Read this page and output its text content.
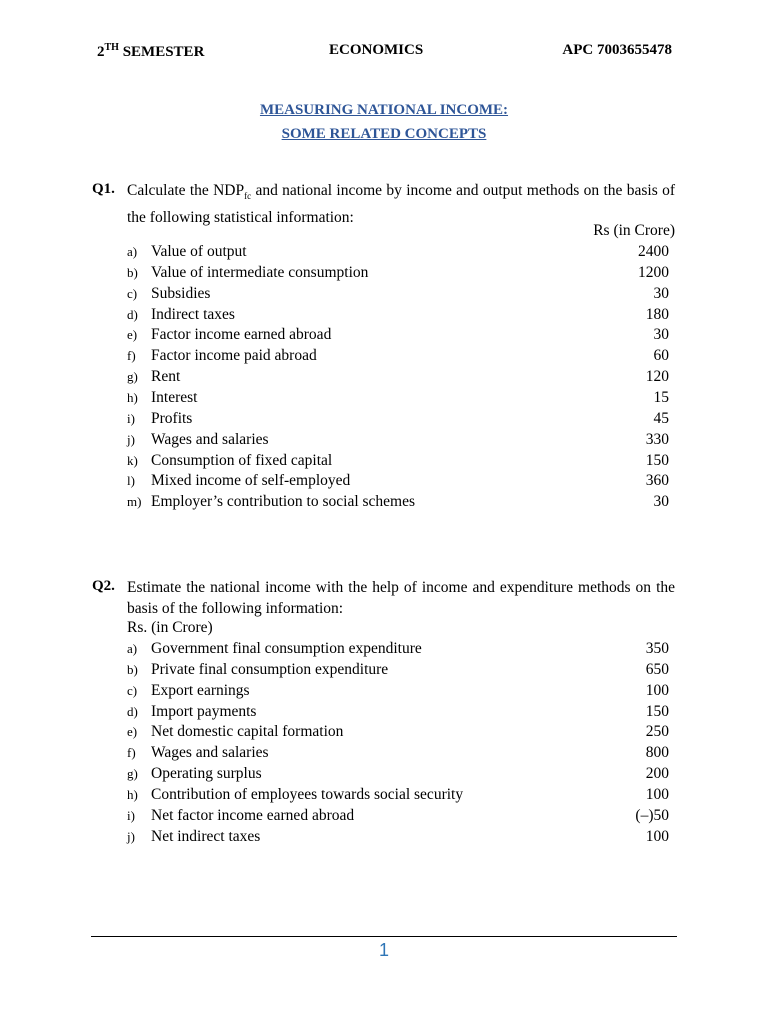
2TH SEMESTER	ECONOMICS	APC 7003655478
MEASURING NATIONAL INCOME:
SOME RELATED CONCEPTS
Q1. Calculate the $NDP_{fc}$ and national income by income and output methods on the basis of the following statistical information:
Rs (in Crore)
a) Value of output	2400
b) Value of intermediate consumption	1200
c) Subsidies	30
d) Indirect taxes	180
e) Factor income earned abroad	30
f) Factor income paid abroad	60
g) Rent	120
h) Interest	15
i) Profits	45
j) Wages and salaries	330
k) Consumption of fixed capital	150
l) Mixed income of self-employed	360
m) Employer’s contribution to social schemes	30
Q2. Estimate the national income with the help of income and expenditure methods on the basis of the following information:
Rs. (in Crore)
a) Government final consumption expenditure	350
b) Private final consumption expenditure	650
c) Export earnings	100
d) Import payments	150
e) Net domestic capital formation	250
f) Wages and salaries	800
g) Operating surplus	200
h) Contribution of employees towards social security	100
i) Net factor income earned abroad	(–)50
j) Net indirect taxes	100
1
